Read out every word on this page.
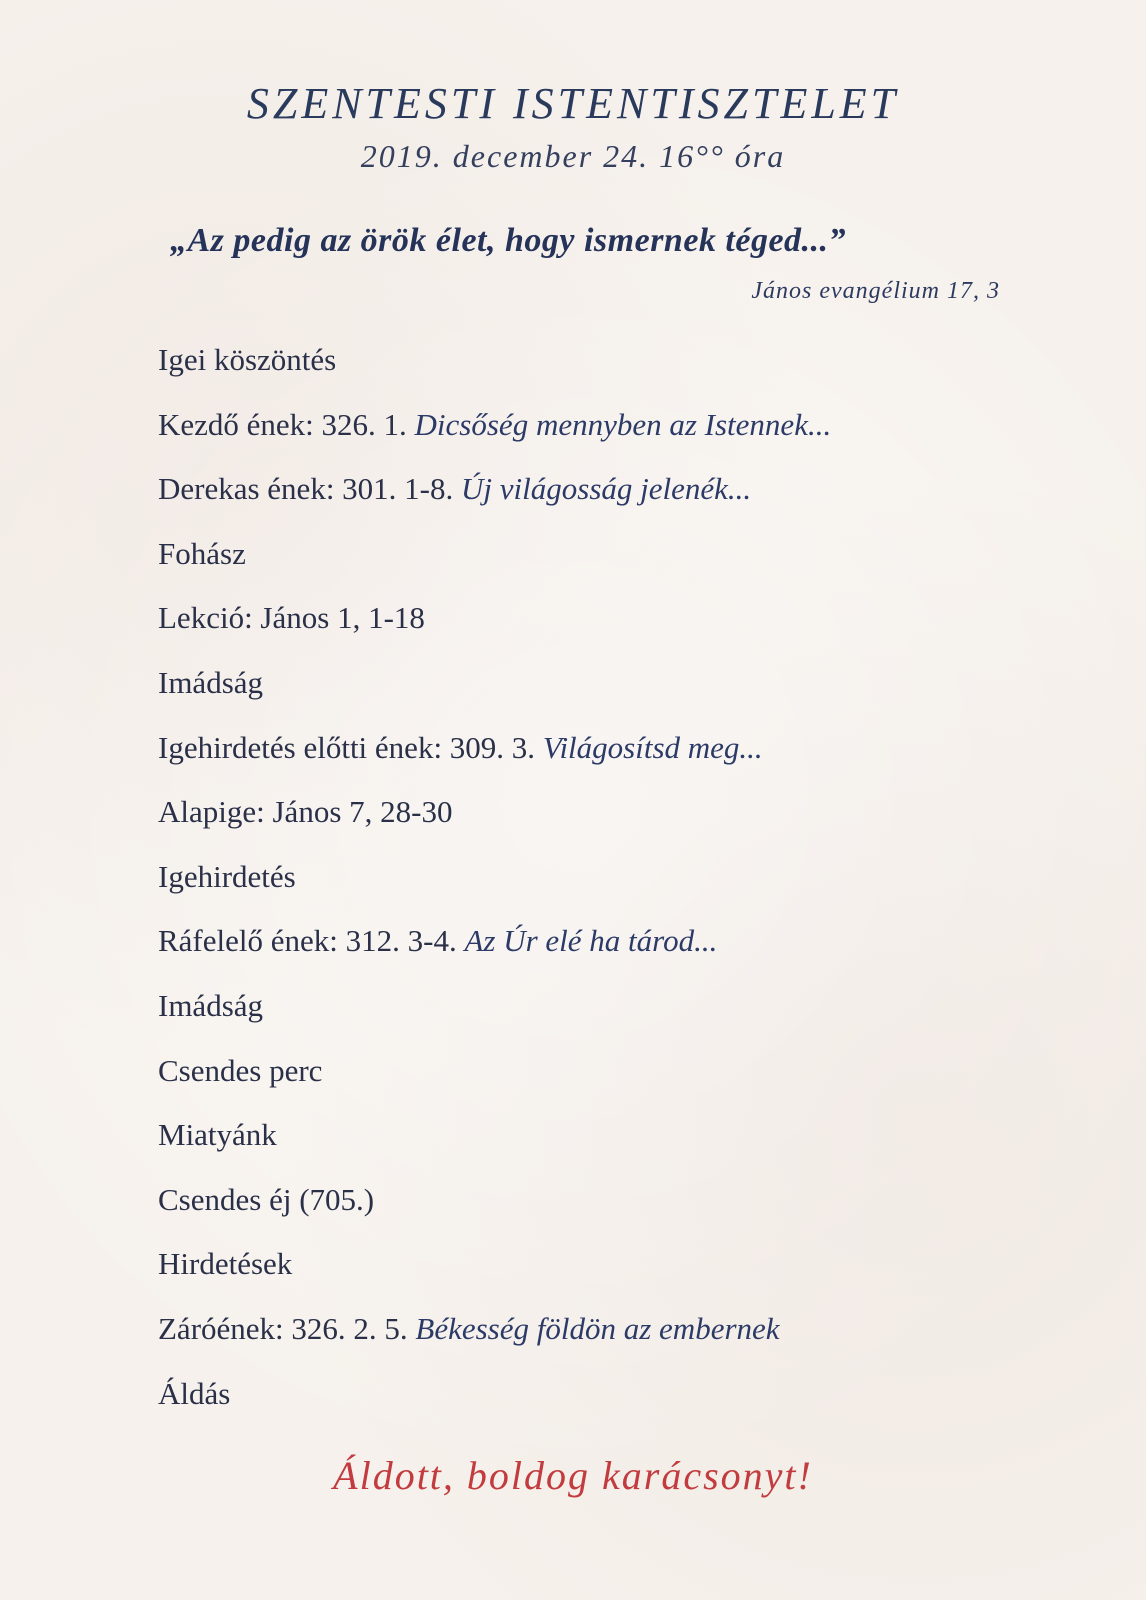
SZENTESTI ISTENTISZTELET
2019. december 24. 16°° óra
„Az pedig az örök élet, hogy ismernek téged...”
János evangélium 17, 3
Igei köszöntés
Kezdő ének: 326. 1. Dicsőség mennyben az Istennek...
Derekas ének: 301. 1-8. Új világosság jelenék...
Fohász
Lekció: János 1, 1-18
Imádság
Igehirdetés előtti ének: 309. 3. Világosítsd meg...
Alapige: János 7, 28-30
Igehirdetés
Ráfelelő ének: 312. 3-4. Az Úr elé ha tárod...
Imádság
Csendes perc
Miatyánk
Csendes éj (705.)
Hirdetések
Záróének: 326. 2. 5. Békesség földön az embernek
Áldás
Áldott, boldog karácsonyt!
